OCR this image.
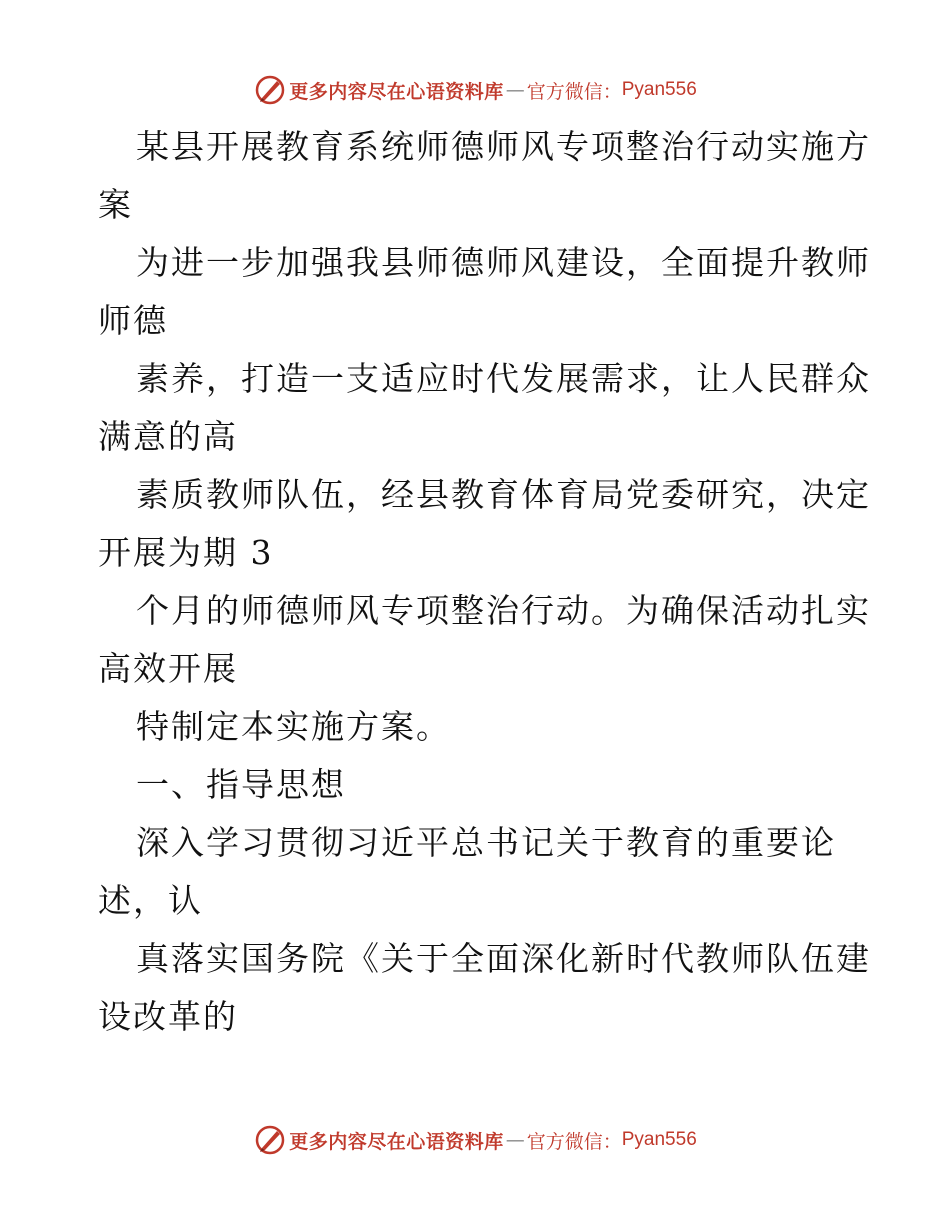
更多内容尽在心语资料库 — 官方微信： Pyan556
某县开展教育系统师德师风专项整治行动实施方
案
为进一步加强我县师德师风建设，全面提升教师
师德
素养，打造一支适应时代发展需求，让人民群众
满意的高
素质教师队伍，经县教育体育局党委研究，决定
开展为期 3
个月的师德师风专项整治行动。为确保活动扎实
高效开展
特制定本实施方案。
一、指导思想
深入学习贯彻习近平总书记关于教育的重要论
述，认
真落实国务院《关于全面深化新时代教师队伍建
设改革的
更多内容尽在心语资料库 — 官方微信： Pyan556
